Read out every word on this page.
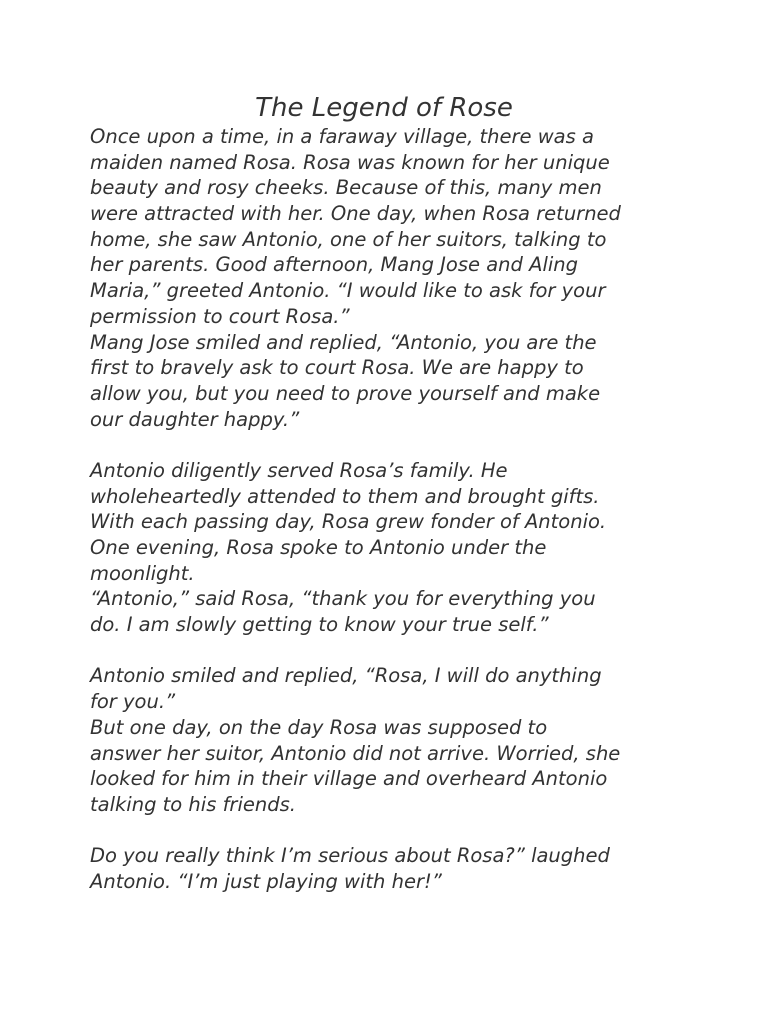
The Legend of Rose
Once upon a time, in a faraway village, there was a
maiden named Rosa. Rosa was known for her unique
beauty and rosy cheeks. Because of this, many men
were attracted with her. One day, when Rosa returned
home, she saw Antonio, one of her suitors, talking to
her parents. Good afternoon, Mang Jose and Aling
Maria,” greeted Antonio. “I would like to ask for your
permission to court Rosa.”
Mang Jose smiled and replied, “Antonio, you are the
first to bravely ask to court Rosa. We are happy to
allow you, but you need to prove yourself and make
our daughter happy.”
Antonio diligently served Rosa’s family. He
wholeheartedly attended to them and brought gifts.
With each passing day, Rosa grew fonder of Antonio.
One evening, Rosa spoke to Antonio under the
moonlight.
“Antonio,” said Rosa, “thank you for everything you
do. I am slowly getting to know your true self.”
Antonio smiled and replied, “Rosa, I will do anything
for you.”
But one day, on the day Rosa was supposed to
answer her suitor, Antonio did not arrive. Worried, she
looked for him in their village and overheard Antonio
talking to his friends.
Do you really think I’m serious about Rosa?” laughed
Antonio. “I’m just playing with her!”
